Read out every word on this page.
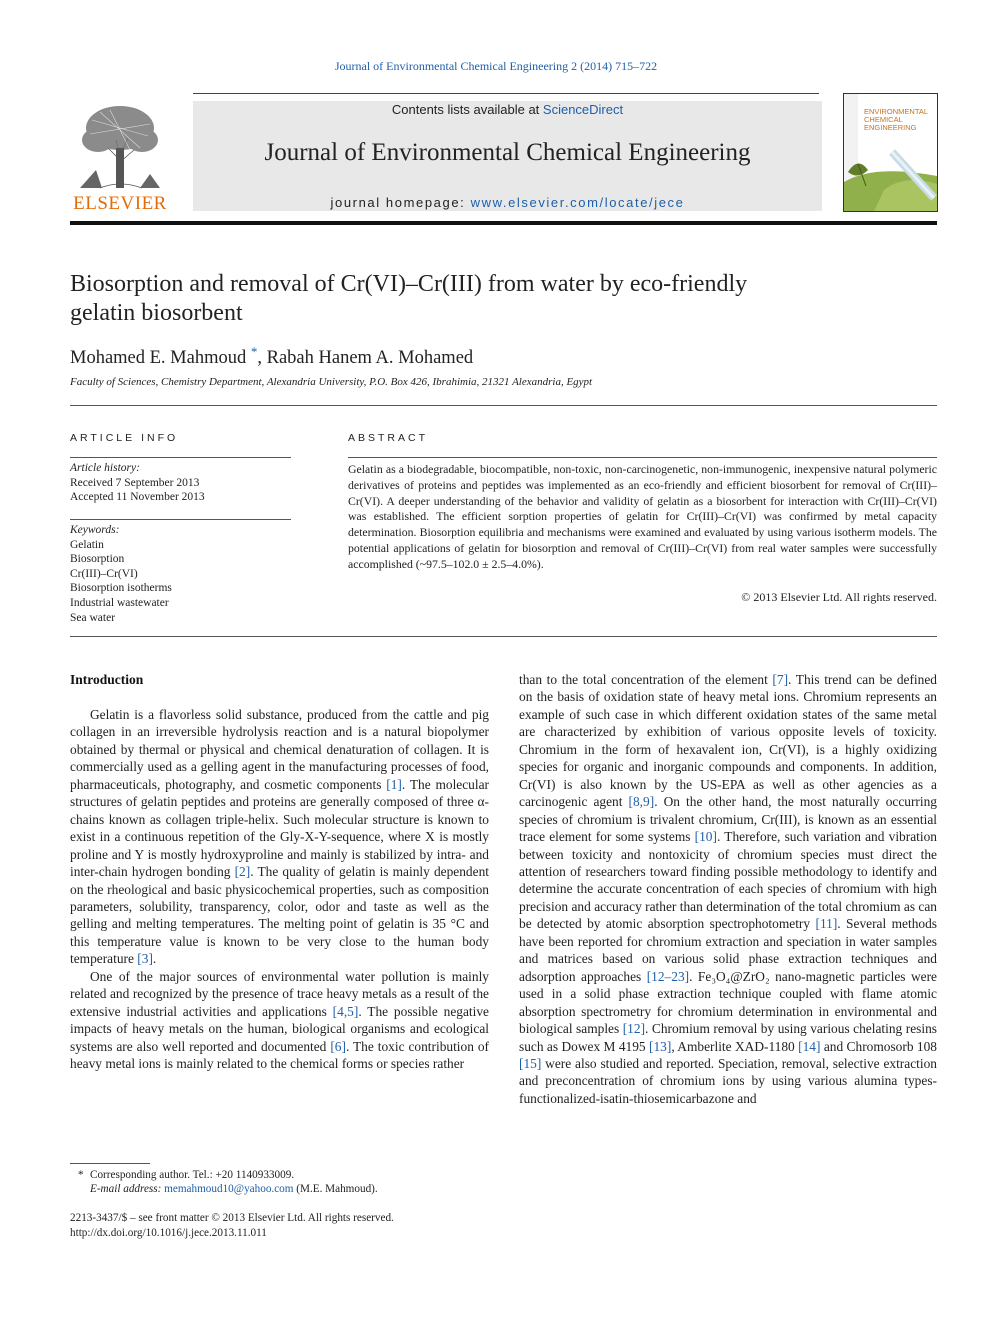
Journal of Environmental Chemical Engineering 2 (2014) 715–722
ELSEVIER
Contents lists available at ScienceDirect
Journal of Environmental Chemical Engineering
journal homepage: www.elsevier.com/locate/jece
ENVIRONMENTAL
CHEMICAL
ENGINEERING
Biosorption and removal of Cr(VI)–Cr(III) from water by eco-friendly
gelatin biosorbent
Mohamed E. Mahmoud *, Rabah Hanem A. Mohamed
Faculty of Sciences, Chemistry Department, Alexandria University, P.O. Box 426, Ibrahimia, 21321 Alexandria, Egypt
ARTICLE INFO
Article history:
Received 7 September 2013
Accepted 11 November 2013
Keywords:
Gelatin
Biosorption
Cr(III)–Cr(VI)
Biosorption isotherms
Industrial wastewater
Sea water
ABSTRACT

Gelatin as a biodegradable, biocompatible, non-toxic, non-carcinogenetic, non-immunogenic, inexpensive natural polymeric derivatives of proteins and peptides was implemented as an eco-friendly and efficient biosorbent for removal of Cr(III)–Cr(VI). A deeper understanding of the behavior and validity of gelatin as a biosorbent for interaction with Cr(III)–Cr(VI) was established. The efficient sorption properties of gelatin for Cr(III)–Cr(VI) was confirmed by metal capacity determination. Biosorption equilibria and mechanisms were examined and evaluated by using various isotherm models. The potential applications of gelatin for biosorption and removal of Cr(III)–Cr(VI) from real water samples were successfully accomplished (~97.5–102.0 ± 2.5–4.0%).

© 2013 Elsevier Ltd. All rights reserved.
Introduction

Gelatin is a flavorless solid substance, produced from the cattle and pig collagen in an irreversible hydrolysis reaction and is a natural biopolymer obtained by thermal or physical and chemical denaturation of collagen. It is commercially used as a gelling agent in the manufacturing processes of food, pharmaceuticals, photography, and cosmetic components [1]. The molecular structures of gelatin peptides and proteins are generally composed of three α-chains known as collagen triple-helix. Such molecular structure is known to exist in a continuous repetition of the Gly-X-Y-sequence, where X is mostly proline and Y is mostly hydroxyproline and mainly is stabilized by intra- and inter-chain hydrogen bonding [2]. The quality of gelatin is mainly dependent on the rheological and basic physicochemical properties, such as composition parameters, solubility, transparency, color, odor and taste as well as the gelling and melting temperatures. The melting point of gelatin is 35 °C and this temperature value is known to be very close to the human body temperature [3].

One of the major sources of environmental water pollution is mainly related and recognized by the presence of trace heavy metals as a result of the extensive industrial activities and applications [4,5]. The possible negative impacts of heavy metals on the human, biological organisms and ecological systems are also well reported and documented [6]. The toxic contribution of heavy metal ions is mainly related to the chemical forms or species rather

than to the total concentration of the element [7]. This trend can be defined on the basis of oxidation state of heavy metal ions. Chromium represents an example of such case in which different oxidation states of the same metal are characterized by exhibition of various opposite levels of toxicity. Chromium in the form of hexavalent ion, Cr(VI), is a highly oxidizing species for organic and inorganic compounds and components. In addition, Cr(VI) is also known by the US-EPA as well as other agencies as a carcinogenic agent [8,9]. On the other hand, the most naturally occurring species of chromium is trivalent chromium, Cr(III), is known as an essential trace element for some systems [10]. Therefore, such variation and vibration between toxicity and nontoxicity of chromium species must direct the attention of researchers toward finding possible methodology to identify and determine the accurate concentration of each species of chromium with high precision and accuracy rather than determination of the total chromium as can be detected by atomic absorption spectrophotometry [11]. Several methods have been reported for chromium extraction and speciation in water samples and matrices based on various solid phase extraction techniques and adsorption approaches [12–23]. Fe₃O₄@ZrO₂ nano-magnetic particles were used in a solid phase extraction technique coupled with flame atomic absorption spectrometry for chromium determination in environmental and biological samples [12]. Chromium removal by using various chelating resins such as Dowex M 4195 [13], Amberlite XAD-1180 [14] and Chromosorb 108 [15] were also studied and reported. Speciation, removal, selective extraction and preconcentration of chromium ions by using various alumina types-functionalized-isatin-thiosemicarbazone and

* Corresponding author. Tel.: +20 1140933009.
E-mail address: memahmoud10@yahoo.com (M.E. Mahmoud).
2213-3437/$ – see front matter © 2013 Elsevier Ltd. All rights reserved.
http://dx.doi.org/10.1016/j.jece.2013.11.011
